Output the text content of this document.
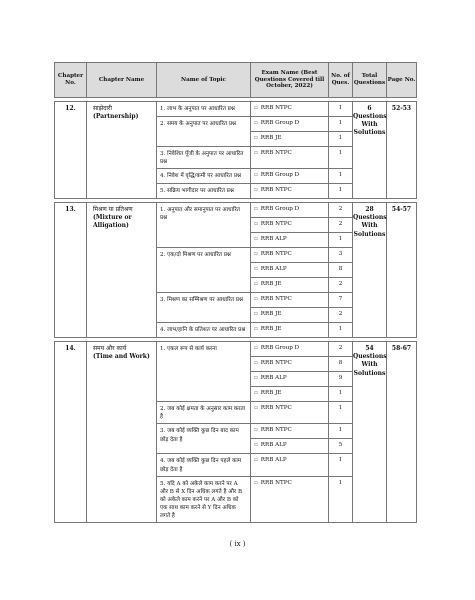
Chapter No.	Chapter Name	Name of Topic	Exam Name (Best Questions Covered till October, 2022)	No. of Ques.	Total Questions	Page No.

12.	साझेदारी
(Partnership)	1. लाभ के अनुपात पर आधारित प्रश्न	▫ RRB NTPC	1	6 Questions With Solutions	52-53
		2. समय के अनुपात पर आधारित प्रश्न	▫ RRB Group D	1		
			▫ RRB JE	1		
		3. निवेशित पूँजी के अनुपात पर आधारित प्रश्न	▫ RRB NTPC	1		
		4. निवेश में वृद्धि/कमी पर आधारित प्रश्न	▫ RRB Group D	1		
		5. सक्रिय भागीदार पर आधारित प्रश्न	▫ RRB NTPC	1		

13.	मिश्रण या प्रतिश्रण
(Mixture or Alligation)	1. अनुपात और समानुपात पर आधारित प्रश्न	▫ RRB Group D	2	28 Questions With Solutions	54-57
			▫ RRB NTPC	2		
			▫ RRB ALP	1		
		2. एक/दो मिश्रण पर आधारित प्रश्न	▫ RRB NTPC	3		
			▫ RRB ALP	8		
			▫ RRB JE	2		
		3. मिश्रण का सम्मिश्रण पर आधारित प्रश्न	▫ RRB NTPC	7		
			▫ RRB JE	2		
		4. लाभ/हानि के प्रतिशत पर आधारित प्रश्न	▫ RRB JE	1		

14.	समय और कार्य
(Time and Work)	1. एकल रूप से कार्य करना	▫ RRB Group D	2	54 Questions With Solutions	58-67
			▫ RRB NTPC	8		
			▫ RRB ALP	9		
			▫ RRB JE	1		
		2. जब कोई क्षमता के अनुसार काम करता है	▫ RRB NTPC	1		
		3. जब कोई व्यक्ति कुछ दिन बाद काम छोड़ देता है	▫ RRB NTPC	1		
			▫ RRB ALP	5		
		4. जब कोई व्यक्ति कुछ दिन पहले काम छोड़ देता है	▫ RRB ALP	1		
		5. यदि A को अकेले काम करने पर A और B से X दिन अधिक लगते है और B को अकेले काम करने पर A और B को एक साथ काम करने से Y दिन अधिक लगते है	▫ RRB NTPC	1		
( ix )
